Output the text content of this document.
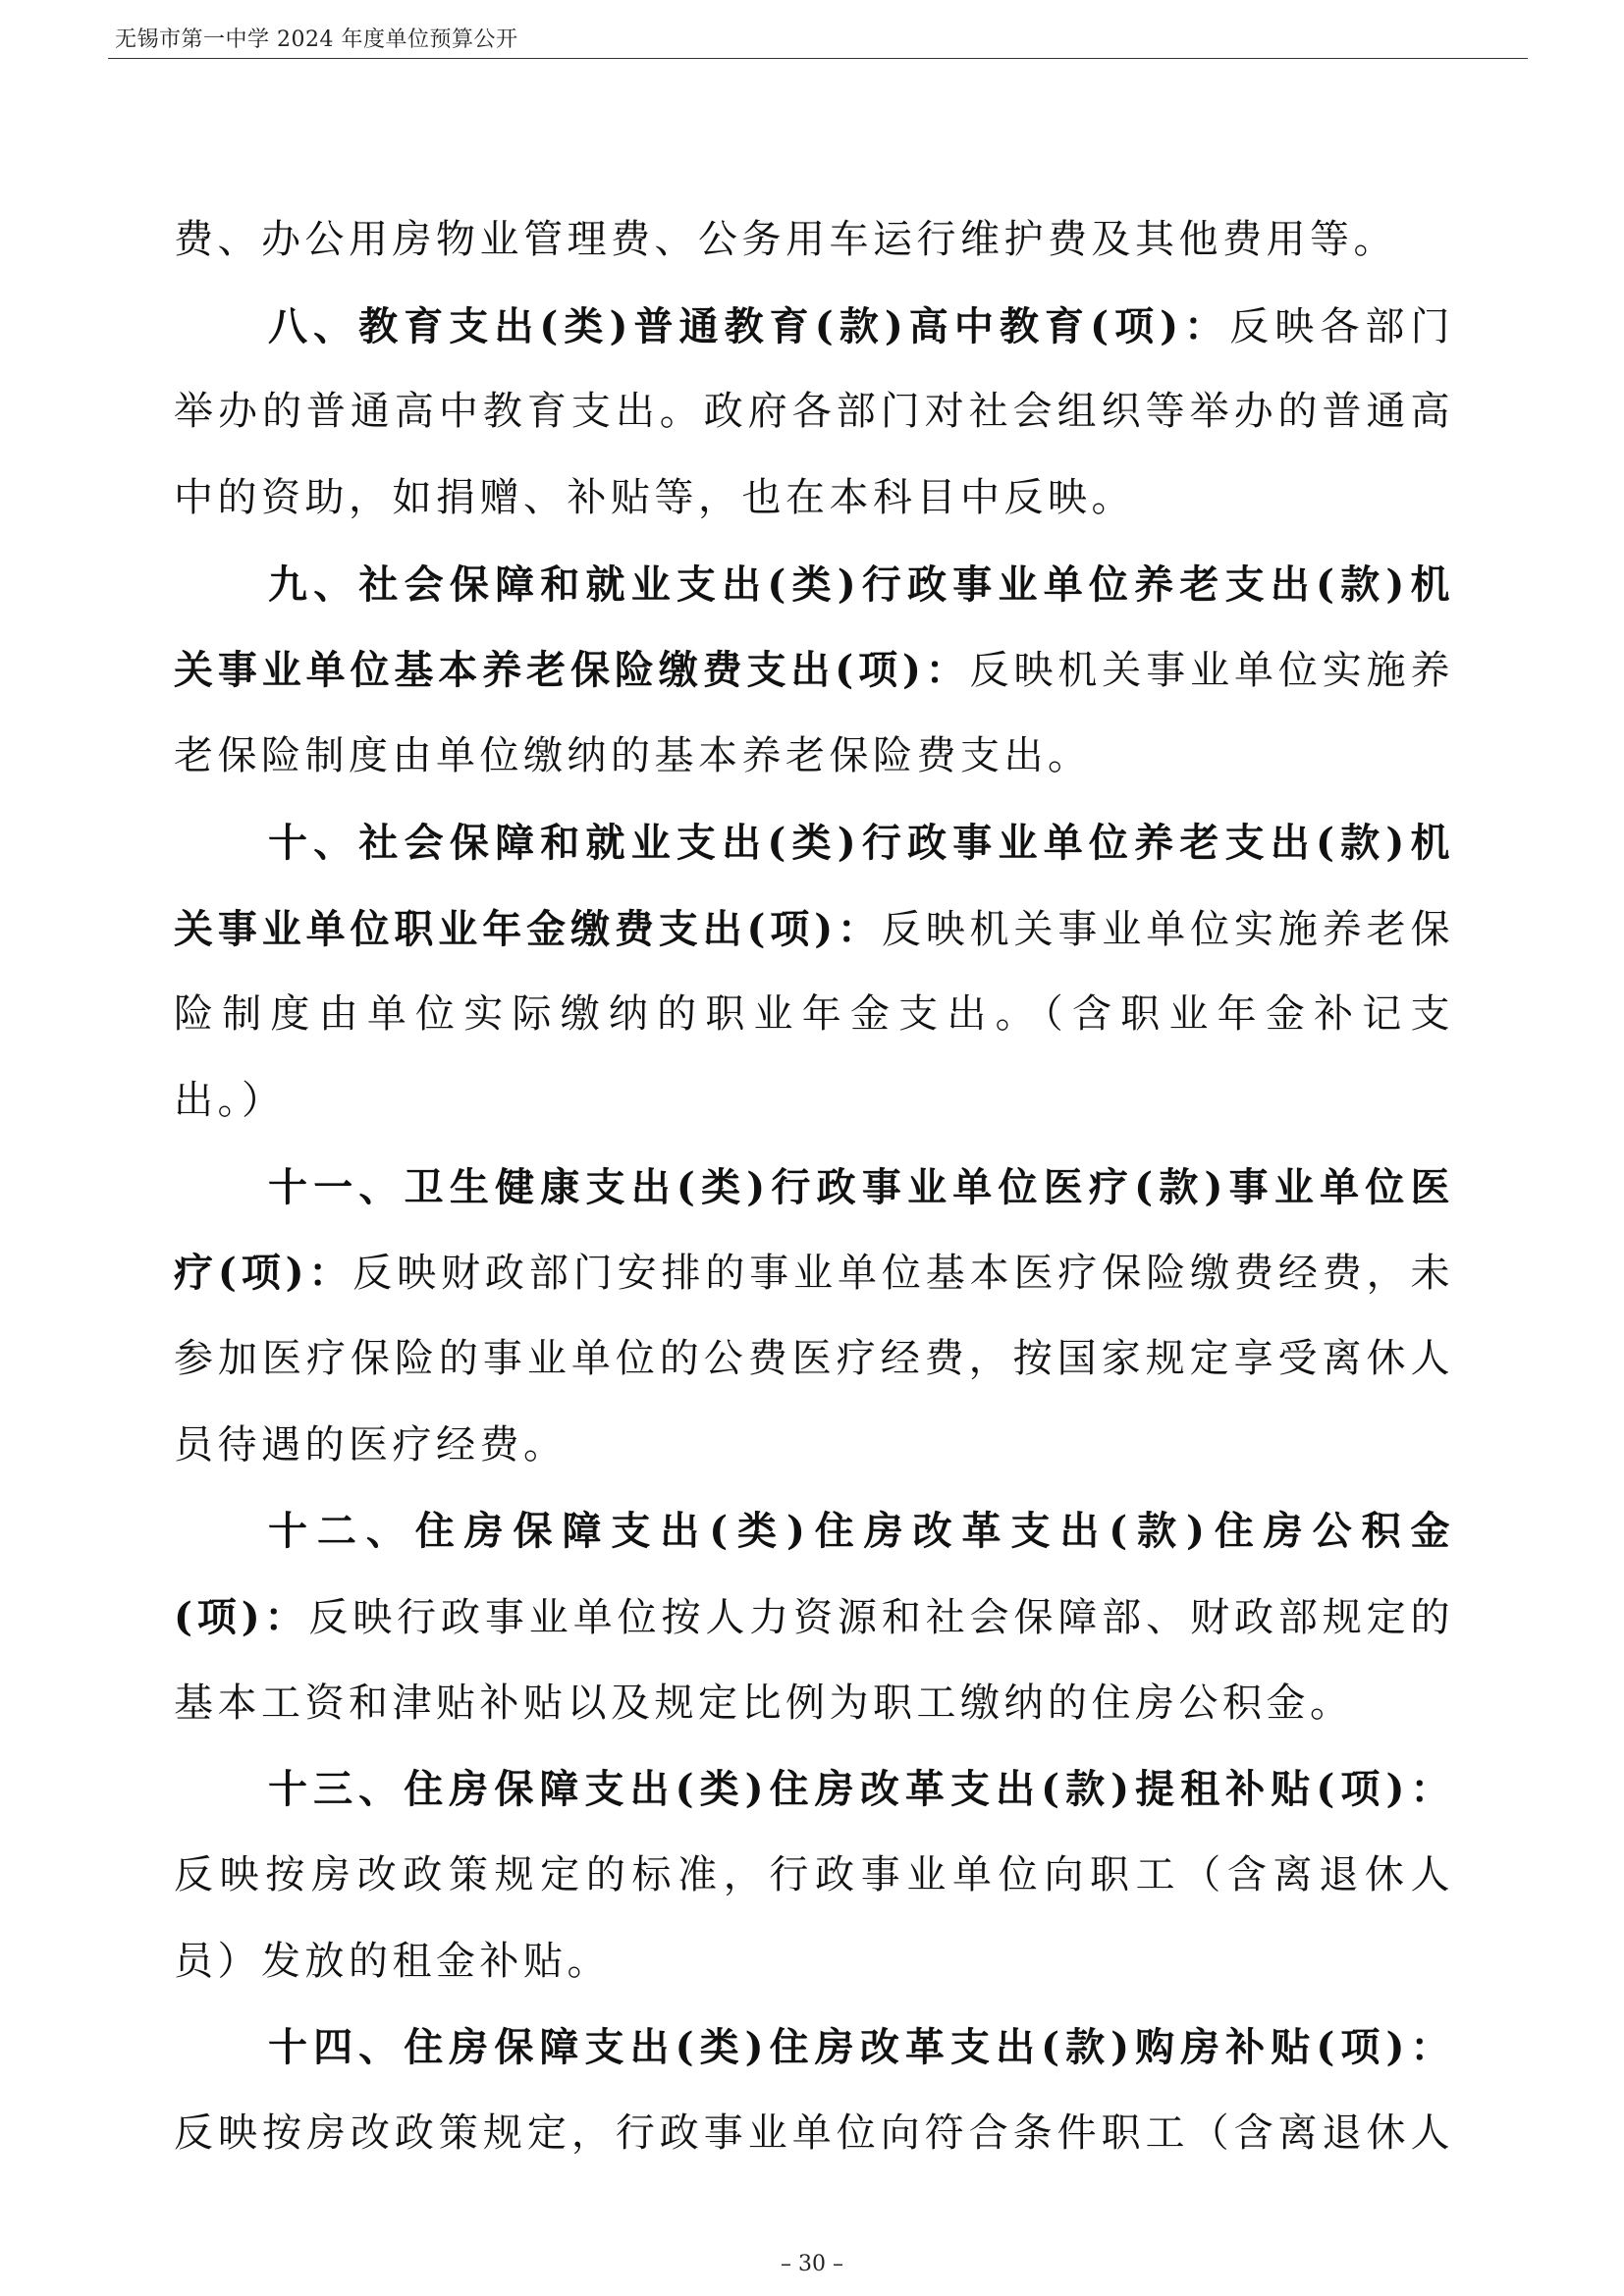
无锡市第一中学 2024 年度单位预算公开
费、办公用房物业管理费、公务用车运行维护费及其他费用等。
八、教育支出(类)普通教育(款)高中教育(项)：反映各部门
举办的普通高中教育支出。政府各部门对社会组织等举办的普通高
中的资助，如捐赠、补贴等，也在本科目中反映。
九、社会保障和就业支出(类)行政事业单位养老支出(款)机
关事业单位基本养老保险缴费支出(项)：反映机关事业单位实施养
老保险制度由单位缴纳的基本养老保险费支出。
十、社会保障和就业支出(类)行政事业单位养老支出(款)机
关事业单位职业年金缴费支出(项)：反映机关事业单位实施养老保
险制度由单位实际缴纳的职业年金支出。（含职业年金补记支
出。）
十一、卫生健康支出(类)行政事业单位医疗(款)事业单位医
疗(项)：反映财政部门安排的事业单位基本医疗保险缴费经费，未
参加医疗保险的事业单位的公费医疗经费，按国家规定享受离休人
员待遇的医疗经费。
十二、住房保障支出(类)住房改革支出(款)住房公积金
(项)：反映行政事业单位按人力资源和社会保障部、财政部规定的
基本工资和津贴补贴以及规定比例为职工缴纳的住房公积金。
十三、住房保障支出(类)住房改革支出(款)提租补贴(项)：
反映按房改政策规定的标准，行政事业单位向职工（含离退休人
员）发放的租金补贴。
十四、住房保障支出(类)住房改革支出(款)购房补贴(项)：
反映按房改政策规定，行政事业单位向符合条件职工（含离退休人
– 30 –
